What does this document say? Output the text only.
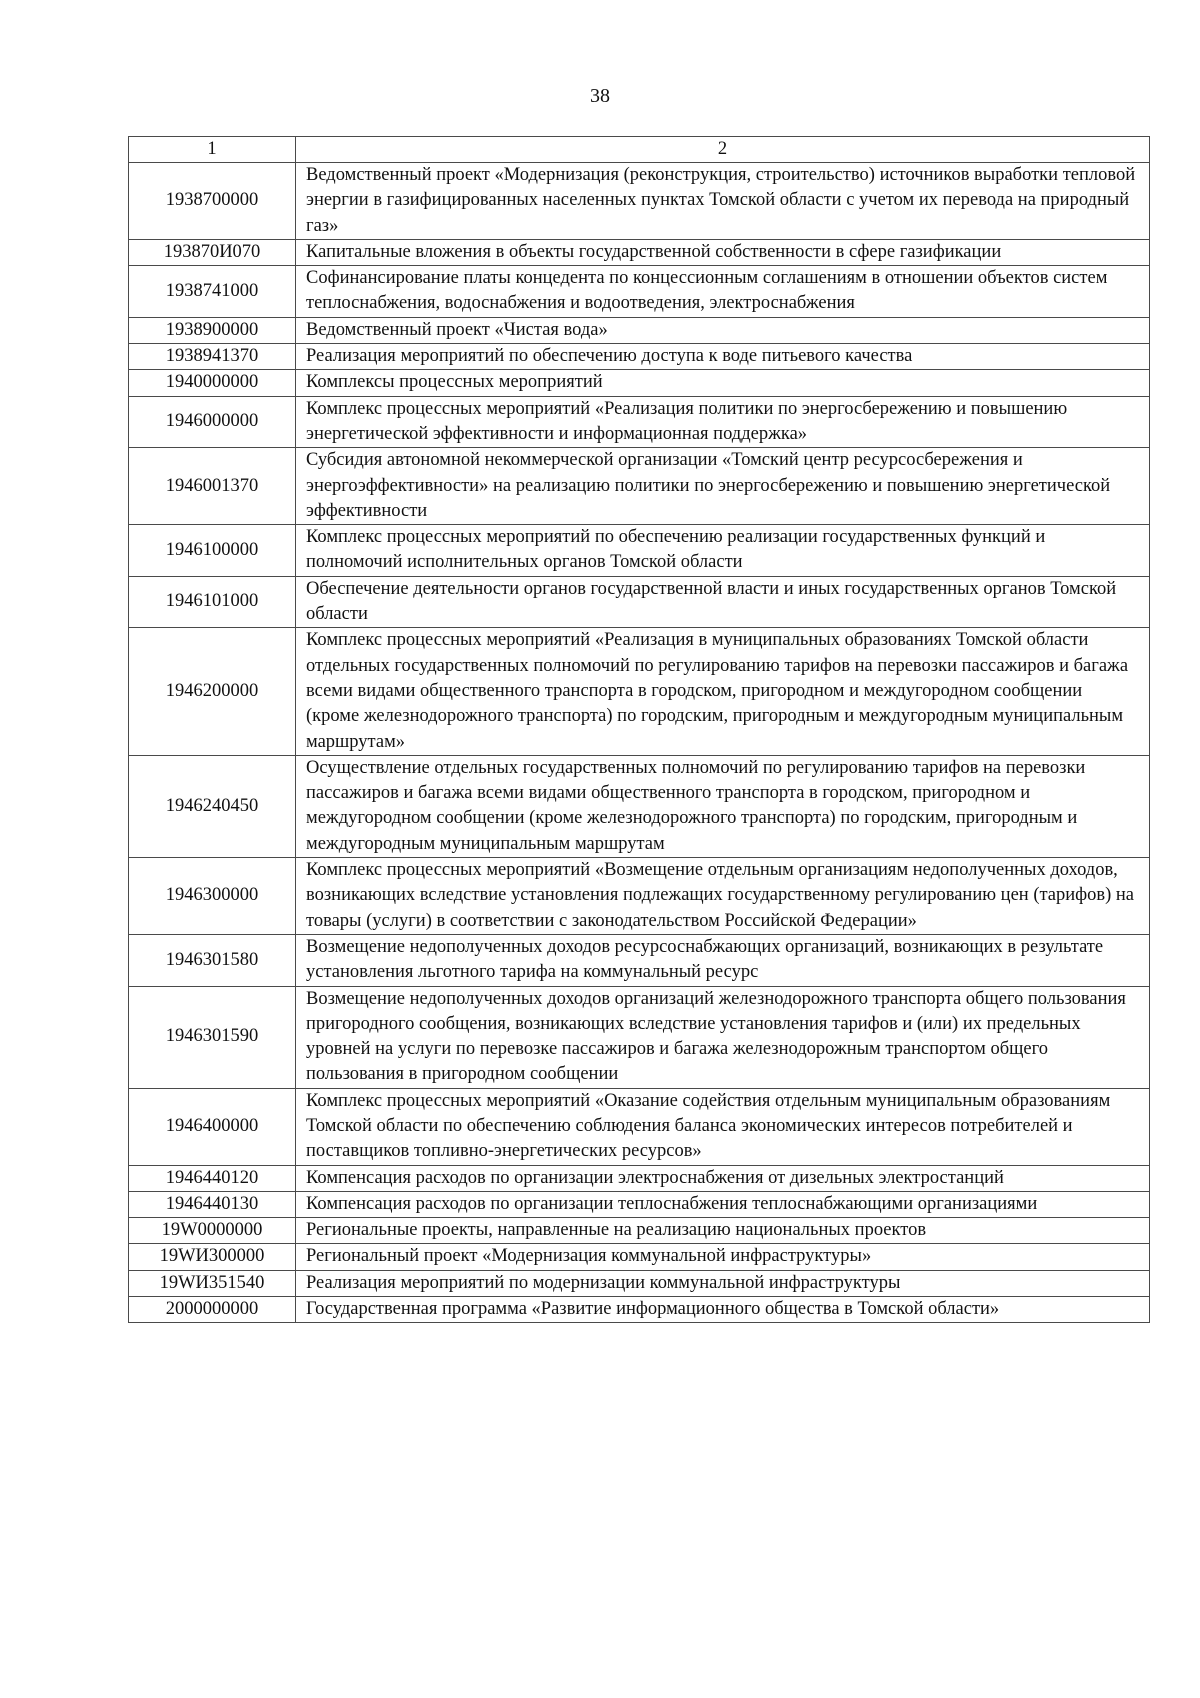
38
1	2
1938700000	Ведомственный проект «Модернизация (реконструкция, строительство) источников выработки тепловой энергии в газифицированных населенных пунктах Томской области с учетом их перевода на природный газ»
193870И070	Капитальные вложения в объекты государственной собственности в сфере газификации
1938741000	Софинансирование платы концедента по концессионным соглашениям в отношении объектов систем теплоснабжения, водоснабжения и водоотведения, электроснабжения
1938900000	Ведомственный проект «Чистая вода»
1938941370	Реализация мероприятий по обеспечению доступа к воде питьевого качества
1940000000	Комплексы процессных мероприятий
1946000000	Комплекс процессных мероприятий «Реализация политики по энергосбережению и повышению энергетической эффективности и информационная поддержка»
1946001370	Субсидия автономной некоммерческой организации «Томский центр ресурсосбережения и энергоэффективности» на реализацию политики по энергосбережению и повышению энергетической эффективности
1946100000	Комплекс процессных мероприятий по обеспечению реализации государственных функций и полномочий исполнительных органов Томской области
1946101000	Обеспечение деятельности органов государственной власти и иных государственных органов Томской области
1946200000	Комплекс процессных мероприятий «Реализация в муниципальных образованиях Томской области отдельных государственных полномочий по регулированию тарифов на перевозки пассажиров и багажа всеми видами общественного транспорта в городском, пригородном и междугородном сообщении (кроме железнодорожного транспорта) по городским, пригородным и междугородным муниципальным маршрутам»
1946240450	Осуществление отдельных государственных полномочий по регулированию тарифов на перевозки пассажиров и багажа всеми видами общественного транспорта в городском, пригородном и междугородном сообщении (кроме железнодорожного транспорта) по городским, пригородным и междугородным муниципальным маршрутам
1946300000	Комплекс процессных мероприятий «Возмещение отдельным организациям недополученных доходов, возникающих вследствие установления подлежащих государственному регулированию цен (тарифов) на товары (услуги) в соответствии с законодательством Российской Федерации»
1946301580	Возмещение недополученных доходов ресурсоснабжающих организаций, возникающих в результате установления льготного тарифа на коммунальный ресурс
1946301590	Возмещение недополученных доходов организаций железнодорожного транспорта общего пользования пригородного сообщения, возникающих вследствие установления тарифов и (или) их предельных уровней на услуги по перевозке пассажиров и багажа железнодорожным транспортом общего пользования в пригородном сообщении
1946400000	Комплекс процессных мероприятий «Оказание содействия отдельным муниципальным образованиям Томской области по обеспечению соблюдения баланса экономических интересов потребителей и поставщиков топливно-энергетических ресурсов»
1946440120	Компенсация расходов по организации электроснабжения от дизельных электростанций
1946440130	Компенсация расходов по организации теплоснабжения теплоснабжающими организациями
19W0000000	Региональные проекты, направленные на реализацию национальных проектов
19WИ300000	Региональный проект «Модернизация коммунальной инфраструктуры»
19WИ351540	Реализация мероприятий по модернизации коммунальной инфраструктуры
2000000000	Государственная программа «Развитие информационного общества в Томской области»
